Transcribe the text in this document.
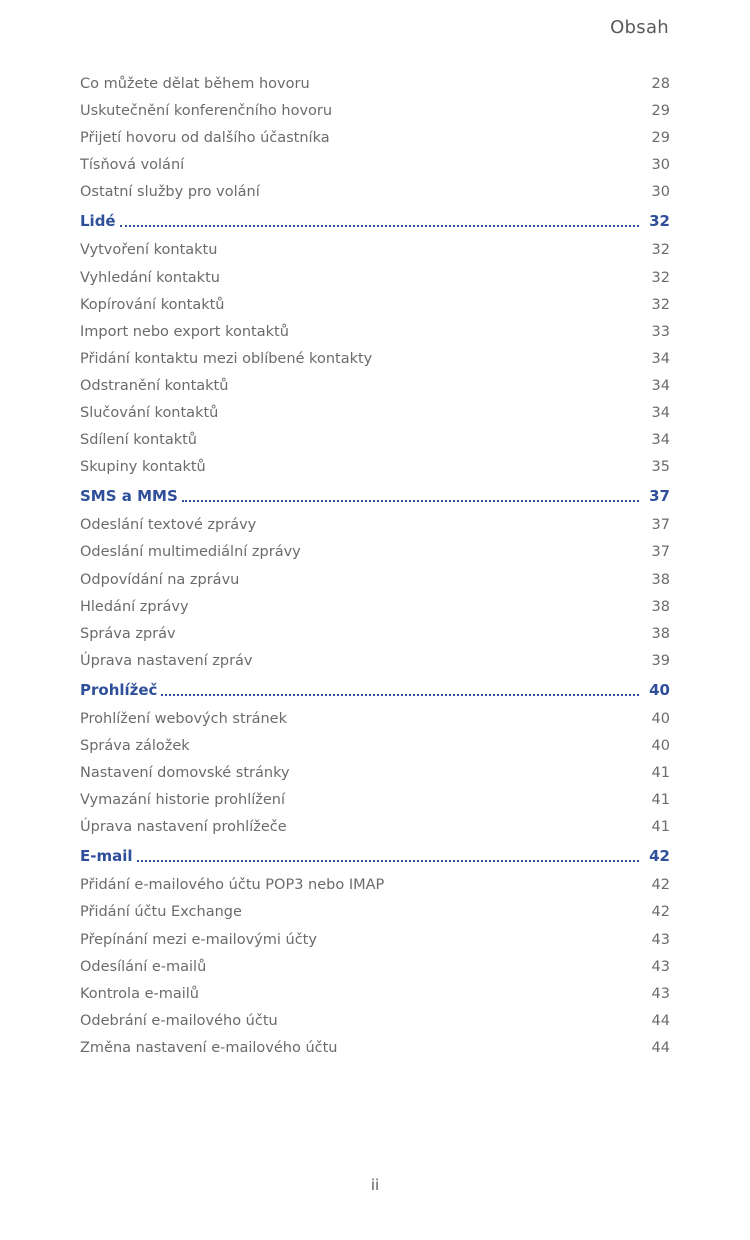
Obsah
Co můžete dělat během hovoru	28
Uskutečnění konferenčního hovoru	29
Přijetí hovoru od dalšího účastníka	29
Tísňová volání	30
Ostatní služby pro volání	30
Lidé	32
Vytvoření kontaktu	32
Vyhledání kontaktu	32
Kopírování kontaktů	32
Import nebo export kontaktů	33
Přidání kontaktu mezi oblíbené kontakty	34
Odstranění kontaktů	34
Slučování kontaktů	34
Sdílení kontaktů	34
Skupiny kontaktů	35
SMS a MMS	37
Odeslání textové zprávy	37
Odeslání multimediální zprávy	37
Odpovídání na zprávu	38
Hledání zprávy	38
Správa zpráv	38
Úprava nastavení zpráv	39
Prohlížeč	40
Prohlížení webových stránek	40
Správa záložek	40
Nastavení domovské stránky	41
Vymazání historie prohlížení	41
Úprava nastavení prohlížeče	41
E-mail	42
Přidání e-mailového účtu POP3 nebo IMAP	42
Přidání účtu Exchange	42
Přepínání mezi e-mailovými účty	43
Odesílání e-mailů	43
Kontrola e-mailů	43
Odebrání e-mailového účtu	44
Změna nastavení e-mailového účtu	44
ii
